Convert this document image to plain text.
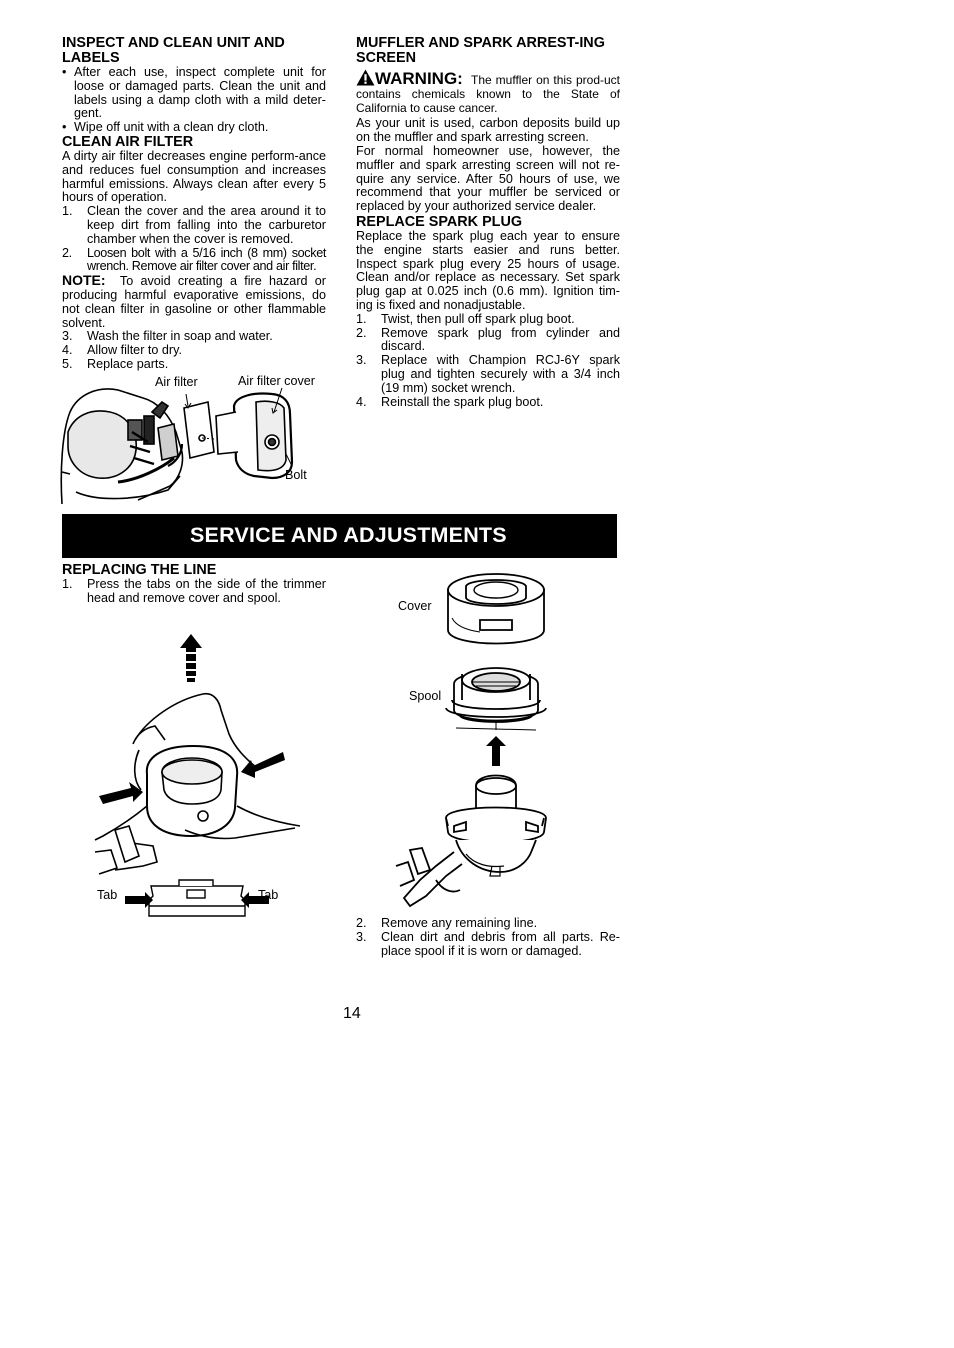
INSPECT AND CLEAN UNIT AND LABELS
• After each use, inspect complete unit for loose or damaged parts. Clean the unit and labels using a damp cloth with a mild deter-gent.
• Wipe off unit with a clean dry cloth.
CLEAN AIR FILTER

A dirty air filter decreases engine perform-ance and reduces fuel consumption and increases harmful emissions. Always clean after every 5 hours of operation.

1. Clean the cover and the area around it to keep dirt from falling into the carburetor chamber when the cover is removed.
2. Loosen bolt with a 5/16 inch (8 mm) socket wrench. Remove air filter cover and air filter.

NOTE: To avoid creating a fire hazard or producing harmful evaporative emissions, do not clean filter in gasoline or other flammable solvent.

3. Wash the filter in soap and water.
4. Allow filter to dry.
5. Replace parts.
Air filter	Air filter cover
Bolt
MUFFLER AND SPARK ARREST-ING SCREEN

WARNING: The muffler on this prod-uct contains chemicals known to the State of California to cause cancer.

As your unit is used, carbon deposits build up on the muffler and spark arresting screen.

For normal homeowner use, however, the muffler and spark arresting screen will not re-quire any service. After 50 hours of use, we recommend that your muffler be serviced or replaced by your authorized service dealer.

REPLACE SPARK PLUG

Replace the spark plug each year to ensure the engine starts easier and runs better. Inspect spark plug every 25 hours of usage. Clean and/or replace as necessary. Set spark plug gap at 0.025 inch (0.6 mm). Ignition tim-ing is fixed and nonadjustable.

1. Twist, then pull off spark plug boot.
2. Remove spark plug from cylinder and discard.
3. Replace with Champion RCJ-6Y spark plug and tighten securely with a 3/4 inch (19 mm) socket wrench.
4. Reinstall the spark plug boot.
SERVICE AND ADJUSTMENTS
REPLACING THE LINE
1. Press the tabs on the side of the trimmer head and remove cover and spool.
Tab	Tab
Cover
Spool
2. Remove any remaining line.
3. Clean dirt and debris from all parts. Re-place spool if it is worn or damaged.
14
